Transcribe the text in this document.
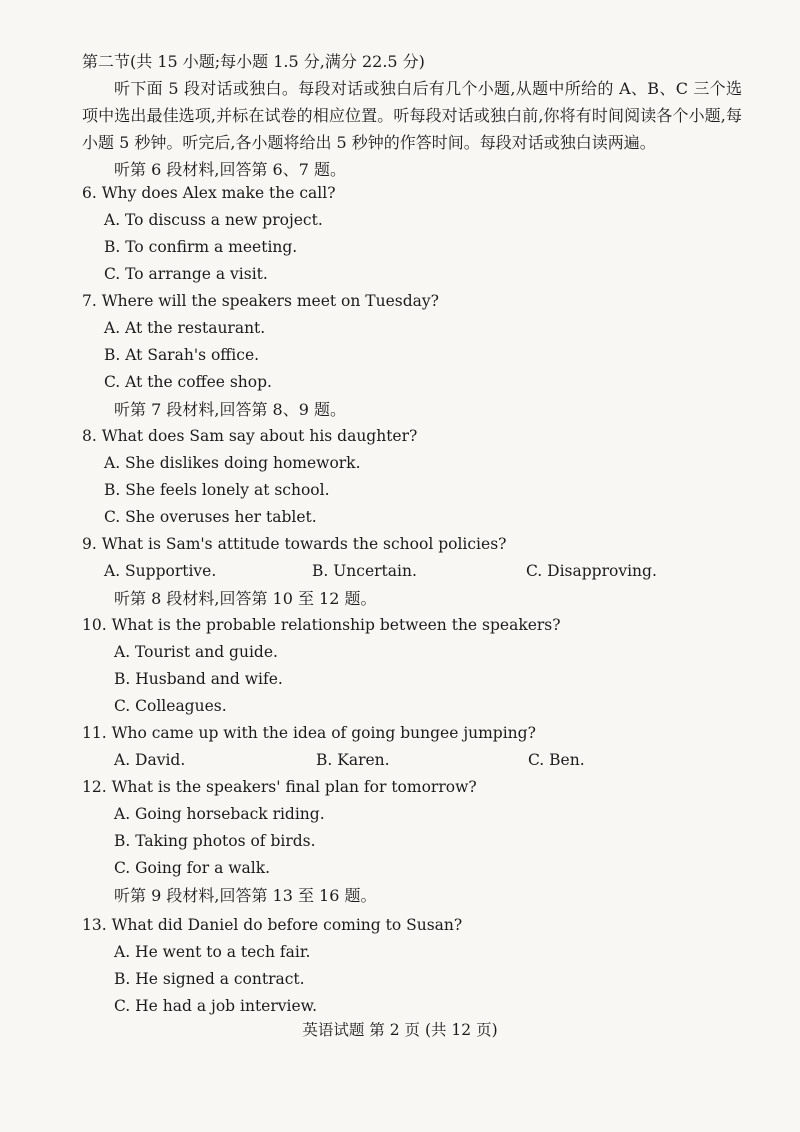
第二节(共 15 小题;每小题 1.5 分,满分 22.5 分)
听下面 5 段对话或独白。每段对话或独白后有几个小题,从题中所给的 A、B、C 三个选项中选出最佳选项,并标在试卷的相应位置。听每段对话或独白前,你将有时间阅读各个小题,每小题 5 秒钟。听完后,各小题将给出 5 秒钟的作答时间。每段对话或独白读两遍。
听第 6 段材料,回答第 6、7 题。
6. Why does Alex make the call?
A. To discuss a new project.
B. To confirm a meeting.
C. To arrange a visit.
7. Where will the speakers meet on Tuesday?
A. At the restaurant.
B. At Sarah's office.
C. At the coffee shop.
听第 7 段材料,回答第 8、9 题。
8. What does Sam say about his daughter?
A. She dislikes doing homework.
B. She feels lonely at school.
C. She overuses her tablet.
9. What is Sam's attitude towards the school policies?
A. Supportive.	B. Uncertain.	C. Disapproving.
听第 8 段材料,回答第 10 至 12 题。
10. What is the probable relationship between the speakers?
A. Tourist and guide.
B. Husband and wife.
C. Colleagues.
11. Who came up with the idea of going bungee jumping?
A. David.	B. Karen.	C. Ben.
12. What is the speakers' final plan for tomorrow?
A. Going horseback riding.
B. Taking photos of birds.
C. Going for a walk.
听第 9 段材料,回答第 13 至 16 题。
13. What did Daniel do before coming to Susan?
A. He went to a tech fair.
B. He signed a contract.
C. He had a job interview.
英语试题 第 2 页 (共 12 页)
